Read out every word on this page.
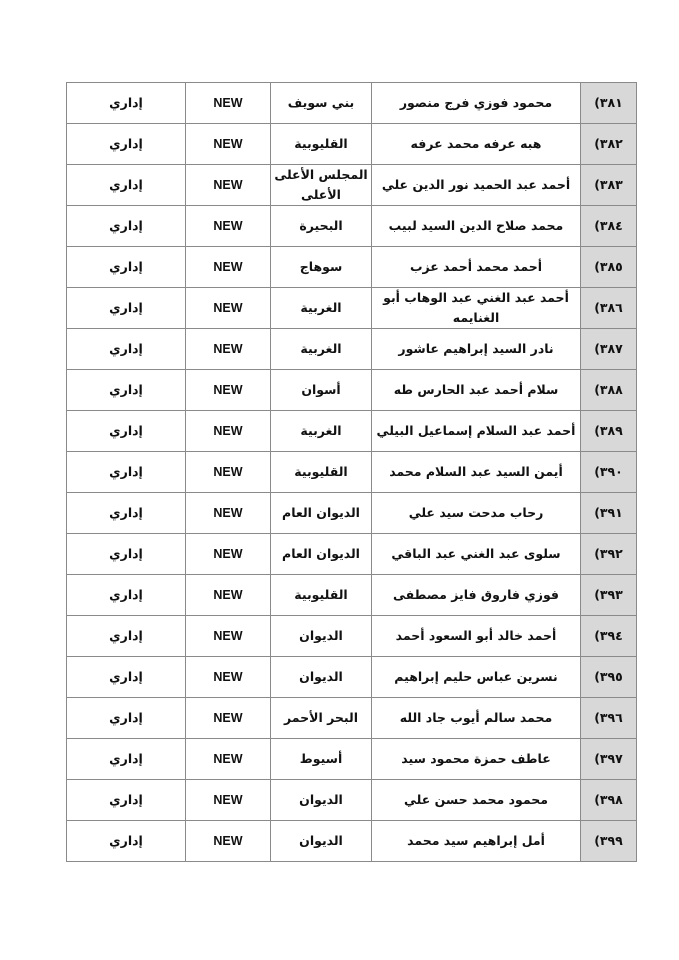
٣٨١)	محمود فوزي فرج منصور	بني سويف	NEW	إداري
٣٨٢)	هبه عرفه محمد عرفه	القليوبية	NEW	إداري
٣٨٣)	أحمد عبد الحميد نور الدين علي	المجلس الأعلى الأعلى	NEW	إداري
٣٨٤)	محمد صلاح الدين السيد لبيب	البحيرة	NEW	إداري
٣٨٥)	أحمد محمد أحمد عزب	سوهاج	NEW	إداري
٣٨٦)	أحمد عبد الغني عبد الوهاب أبو الغنايمه	الغربية	NEW	إداري
٣٨٧)	نادر السيد إبراهيم عاشور	الغربية	NEW	إداري
٣٨٨)	سلام أحمد عبد الحارس طه	أسوان	NEW	إداري
٣٨٩)	أحمد عبد السلام إسماعيل البيلي	الغربية	NEW	إداري
٣٩٠)	أيمن السيد عبد السلام محمد	القليوبية	NEW	إداري
٣٩١)	رحاب مدحت سيد علي	الديوان العام	NEW	إداري
٣٩٢)	سلوى عبد الغني عبد الباقي	الديوان العام	NEW	إداري
٣٩٣)	فوزي فاروق فايز مصطفى	القليوبية	NEW	إداري
٣٩٤)	أحمد خالد أبو السعود أحمد	الديوان	NEW	إداري
٣٩٥)	نسرين عباس حليم إبراهيم	الديوان	NEW	إداري
٣٩٦)	محمد سالم أيوب جاد الله	البحر الأحمر	NEW	إداري
٣٩٧)	عاطف حمزة محمود سيد	أسيوط	NEW	إداري
٣٩٨)	محمود محمد حسن علي	الديوان	NEW	إداري
٣٩٩)	أمل إبراهيم سيد محمد	الديوان	NEW	إداري
